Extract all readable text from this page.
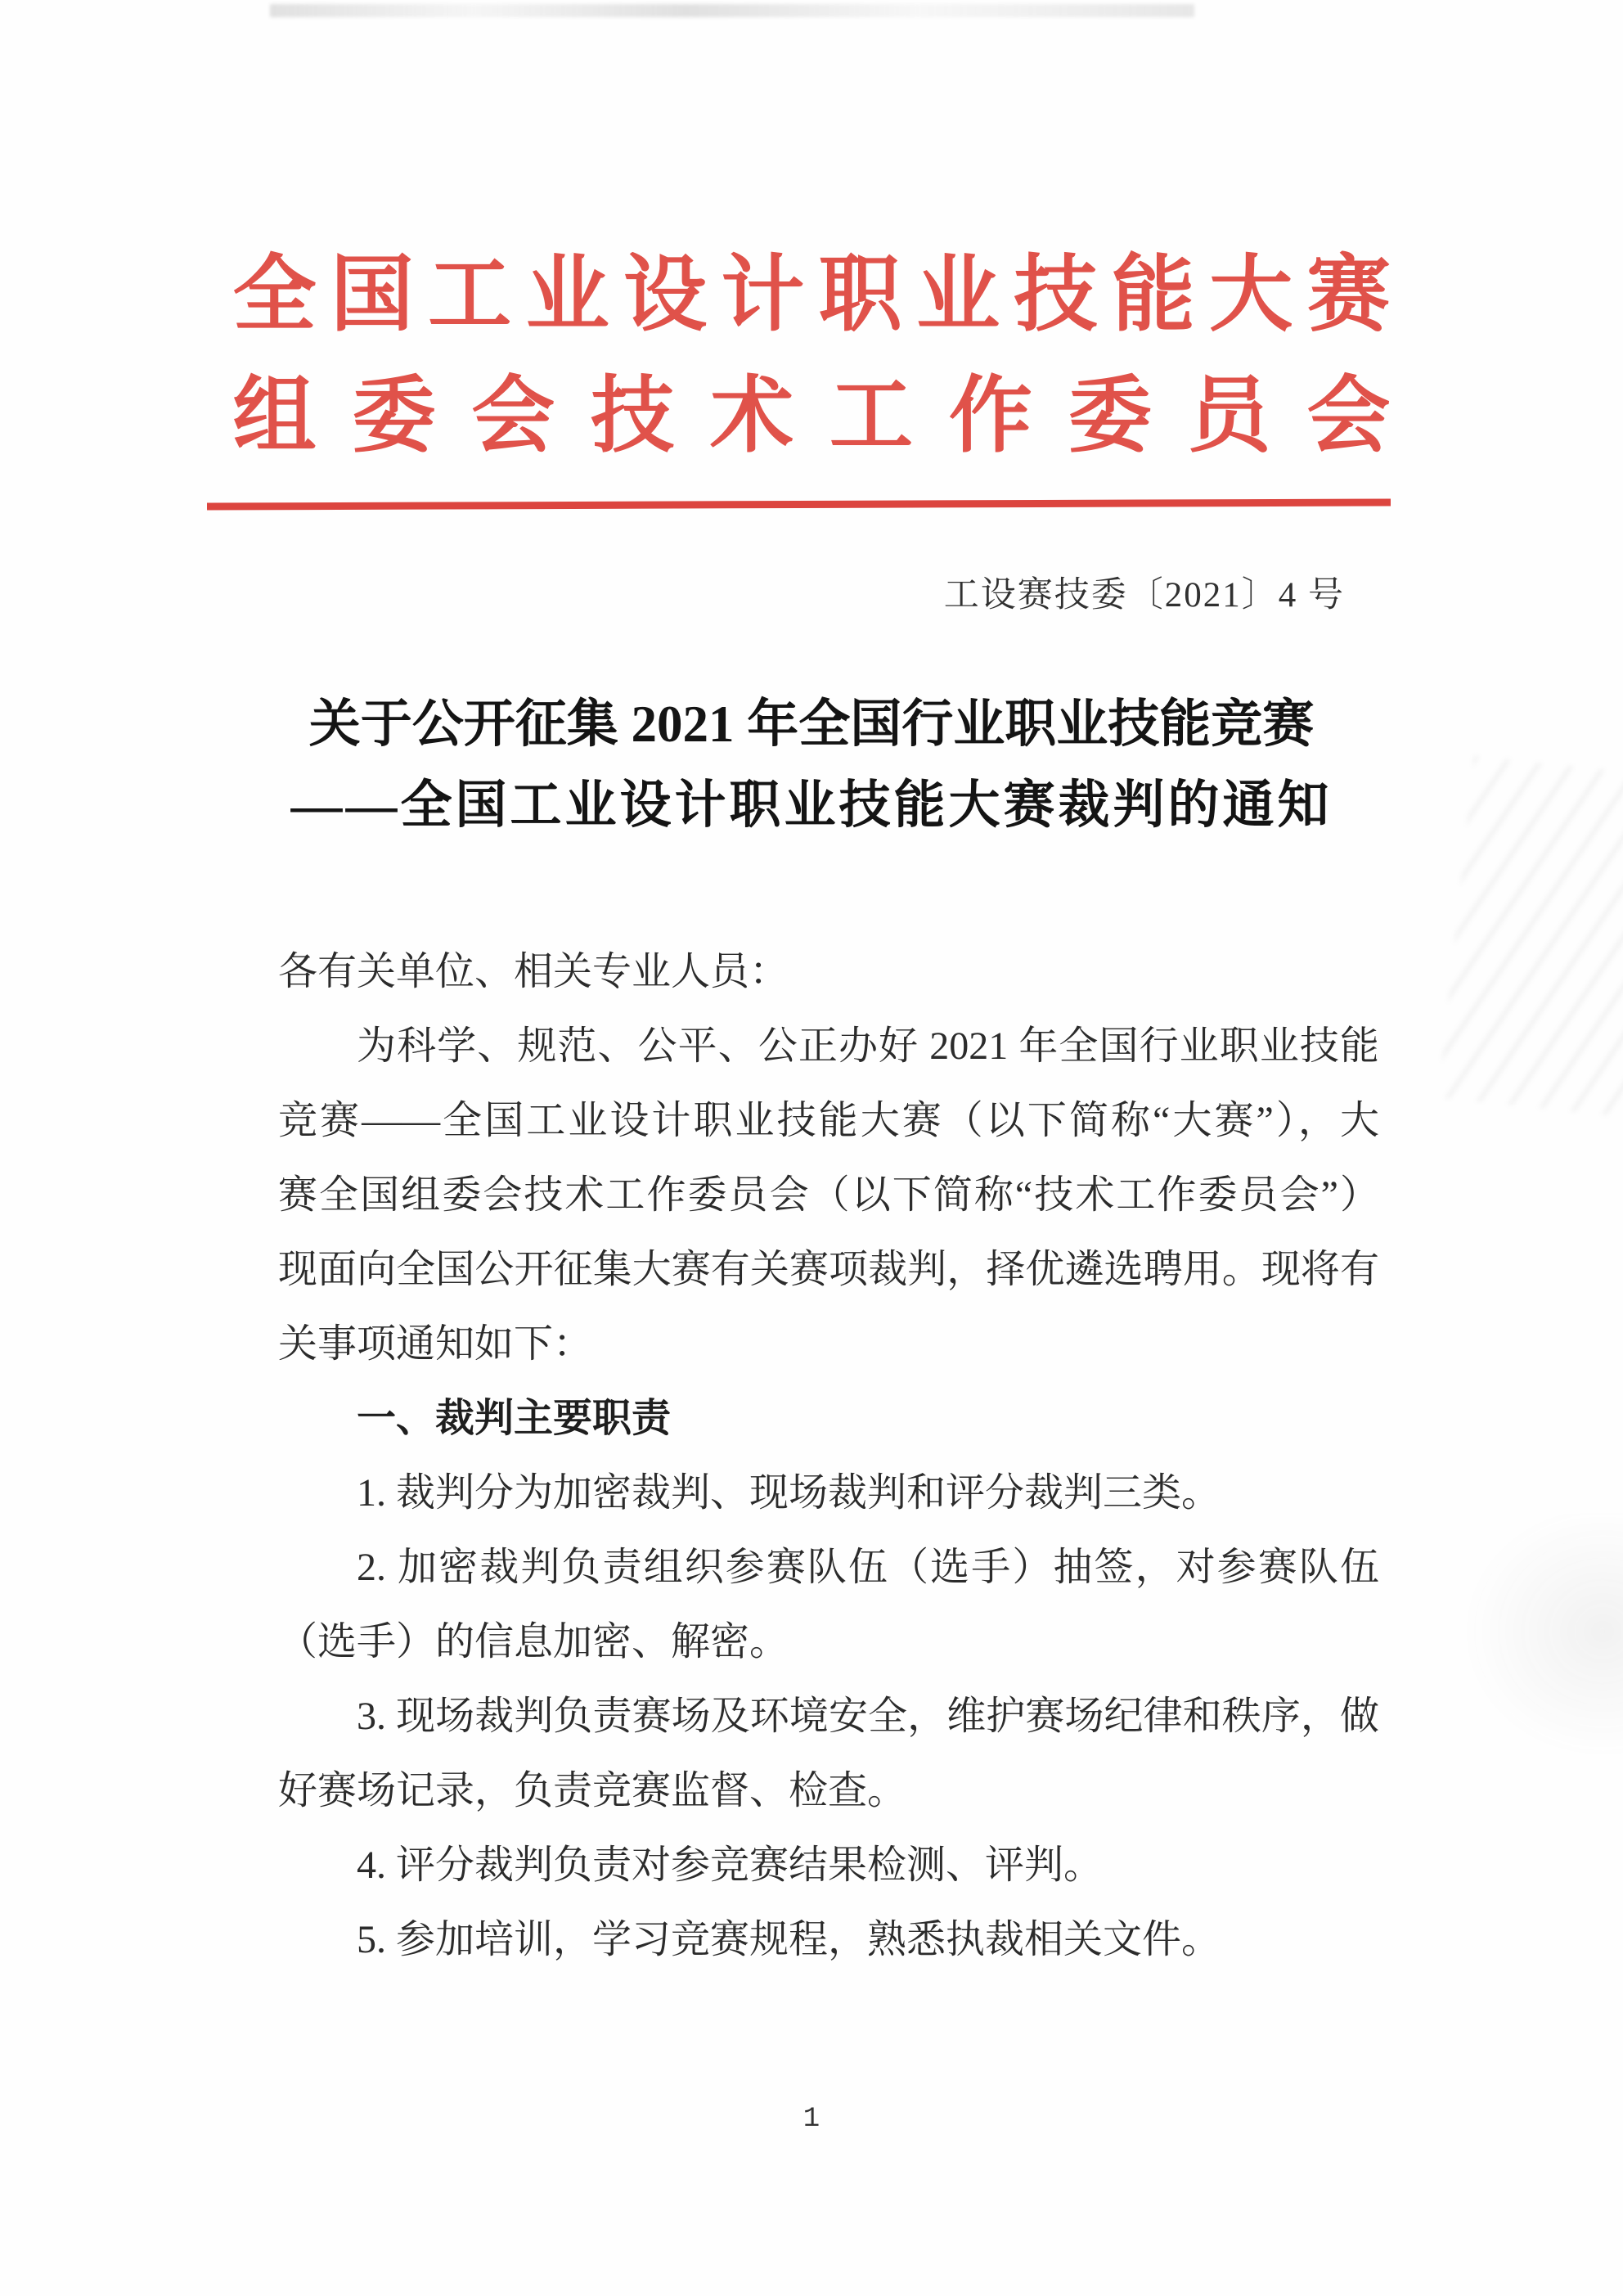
全国工业设计职业技能大赛
组委会技术工作委员会
工设赛技委〔2021〕4 号
关于公开征集 2021 年全国行业职业技能竞赛
——全国工业设计职业技能大赛裁判的通知
各有关单位、相关专业人员：
为科学、规范、公平、公正办好 2021 年全国行业职业技能
竞赛——全国工业设计职业技能大赛（以下简称“大赛”），大
赛全国组委会技术工作委员会（以下简称“技术工作委员会”）
现面向全国公开征集大赛有关赛项裁判，择优遴选聘用。现将有
关事项通知如下：
一、裁判主要职责
1. 裁判分为加密裁判、现场裁判和评分裁判三类。
2. 加密裁判负责组织参赛队伍（选手）抽签，对参赛队伍
（选手）的信息加密、解密。
3. 现场裁判负责赛场及环境安全，维护赛场纪律和秩序，做
好赛场记录，负责竞赛监督、检查。
4. 评分裁判负责对参竞赛结果检测、评判。
5. 参加培训，学习竞赛规程，熟悉执裁相关文件。
1
